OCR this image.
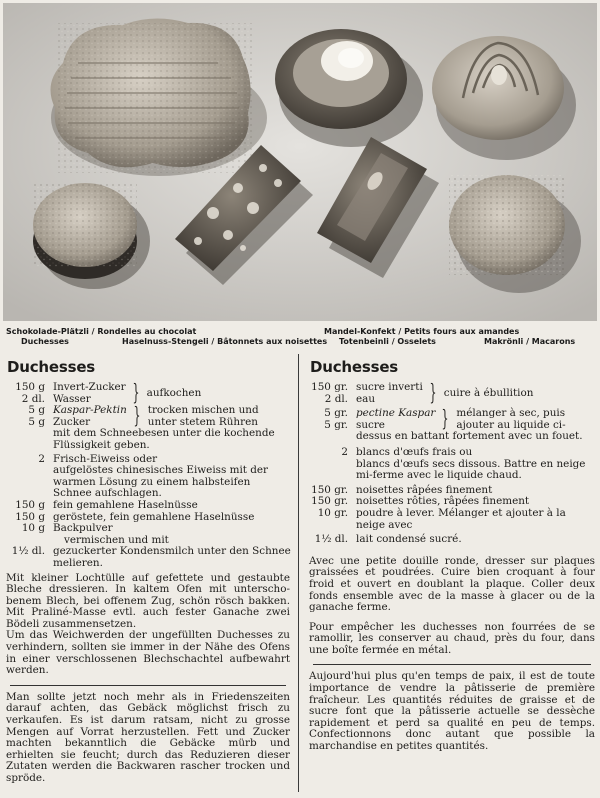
Schokolade-Plätzli / Rondelles au chocolat	Mandel-Konfekt / Petits fours aux amandes
Duchesses	Haselnuss-Stengeli / Bâtonnets aux noisettes Totenbeinli / Osselets	Makrönli / Macarons
Duchesses
150 g Invert-Zucker
2 dl. Wasser } aufkochen
5 g Kaspar-Pektin
5 g Zucker } trocken mischen und
unter stetem Rühren
mit dem Schneebesen unter die kochende Flüssigkeit geben.
2 Frisch-Eiweiss oder
aufgelöstes chinesisches Eiweiss mit der warmen Lösung zu einem halbsteifen Schnee aufschlagen.
150 g fein gemahlene Haselnüsse
150 g geröstete, fein gemahlene Haselnüsse
10 g Backpulver
vermischen und mit
1½ dl. gezuckerter Kondensmilch unter den Schnee melieren.

Mit kleiner Lochtülle auf gefettete und gestaubte Bleche dressieren. In kaltem Ofen mit unterschobenem Blech, bei offenem Zug, schön rösch bakken. Mit Praliné-Masse evtl. auch fester Ganache zwei Bödeli zusammensetzen.

Um das Weichwerden der ungefüllten Duchesses zu verhindern, sollten sie immer in der Nähe des Ofens in einer verschlossenen Blechschachtel aufbewahrt werden.

Man sollte jetzt noch mehr als in Friedenszeiten darauf achten, das Gebäck möglichst frisch zu verkaufen. Es ist darum ratsam, nicht zu grosse Mengen auf Vorrat herzustellen. Fett und Zucker machten bekanntlich die Gebäcke mürb und erhielten sie feucht; durch das Reduzieren dieser Zutaten werden die Backwaren rascher trocken und spröde.

Duchesses
150 gr. sucre inverti
2 dl. eau } cuire à ébullition
5 gr. pectine Kaspar
5 gr. sucre	} mélanger à sec, puis
ajouter au liquide ci-
dessus en battant fortement avec un fouet.
2 blancs d'œufs frais ou
blancs d'œufs secs dissous. Battre en neige mi-ferme avec le liquide chaud.
150 gr. noisettes râpées finement
150 gr. noisettes rôties, râpées finement
10 gr. poudre à lever. Mélanger et ajouter à la neige avec
1½ dl. lait condensé sucré.

Avec une petite douille ronde, dresser sur plaques graissées et poudrées. Cuire bien croquant à four froid et ouvert en doublant la plaque. Coller deux fonds ensemble avec de la masse à glacer ou de la ganache ferme.

Pour empêcher les duchesses non fourrées de se ramollir, les conserver au chaud, près du four, dans une boîte fermée en métal.

Aujourd'hui plus qu'en temps de paix, il est de toute importance de vendre la pâtisserie de première fraîcheur. Les quantités réduites de graisse et de sucre font que la pâtisserie actuelle se dessèche rapidement et perd sa qualité en peu de temps. Confectionnons donc autant que possible la marchandise en petites quantités.
